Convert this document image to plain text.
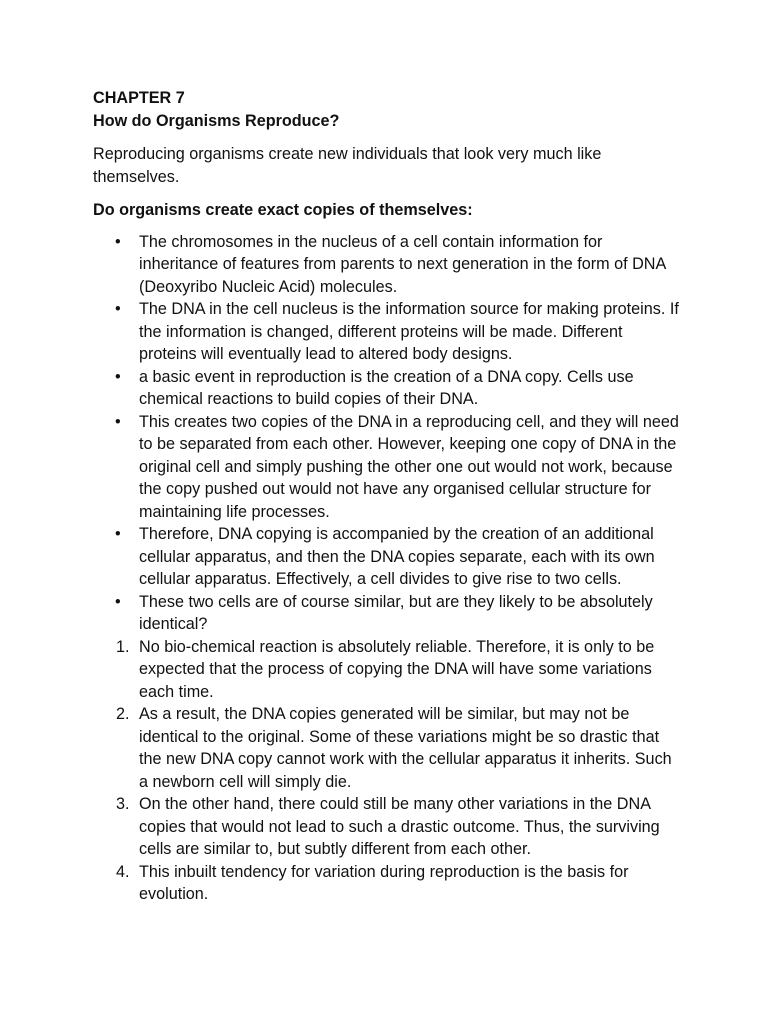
CHAPTER 7

How do Organisms Reproduce?

Reproducing organisms create new individuals that look very much like themselves.

Do organisms create exact copies of themselves:

• The chromosomes in the nucleus of a cell contain information for inheritance of features from parents to next generation in the form of DNA (Deoxyribo Nucleic Acid) molecules.
• The DNA in the cell nucleus is the information source for making proteins. If the information is changed, different proteins will be made. Different proteins will eventually lead to altered body designs.
• a basic event in reproduction is the creation of a DNA copy. Cells use chemical reactions to build copies of their DNA.
• This creates two copies of the DNA in a reproducing cell, and they will need to be separated from each other. However, keeping one copy of DNA in the original cell and simply pushing the other one out would not work, because the copy pushed out would not have any organised cellular structure for maintaining life processes.
• Therefore, DNA copying is accompanied by the creation of an additional cellular apparatus, and then the DNA copies separate, each with its own cellular apparatus. Effectively, a cell divides to give rise to two cells.
• These two cells are of course similar, but are they likely to be absolutely identical?
1. No bio-chemical reaction is absolutely reliable. Therefore, it is only to be expected that the process of copying the DNA will have some variations each time.
2. As a result, the DNA copies generated will be similar, but may not be identical to the original. Some of these variations might be so drastic that the new DNA copy cannot work with the cellular apparatus it inherits. Such a newborn cell will simply die.
3. On the other hand, there could still be many other variations in the DNA copies that would not lead to such a drastic outcome. Thus, the surviving cells are similar to, but subtly different from each other.
4. This inbuilt tendency for variation during reproduction is the basis for evolution.
